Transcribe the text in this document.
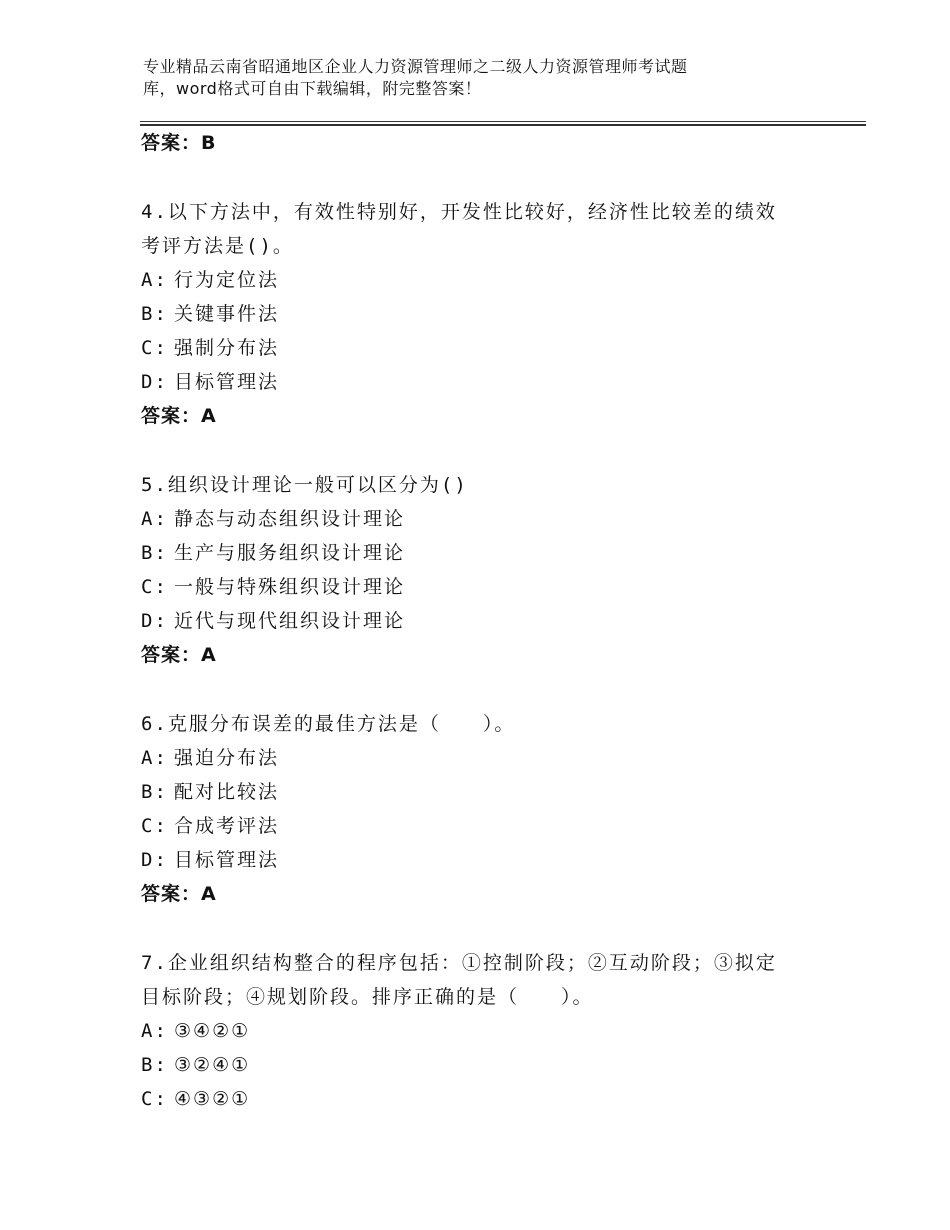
专业精品云南省昭通地区企业人力资源管理师之二级人力资源管理师考试题
库，word格式可自由下载编辑，附完整答案！
答案：B
4.以下方法中，有效性特别好，开发性比较好，经济性比较差的绩效
考评方法是()。
A: 行为定位法
B: 关键事件法
C: 强制分布法
D: 目标管理法
答案：A
5.组织设计理论一般可以区分为()
A: 静态与动态组织设计理论
B: 生产与服务组织设计理论
C: 一般与特殊组织设计理论
D: 近代与现代组织设计理论
答案：A
6.克服分布误差的最佳方法是（　　）。
A: 强迫分布法
B: 配对比较法
C: 合成考评法
D: 目标管理法
答案：A
7.企业组织结构整合的程序包括：①控制阶段；②互动阶段；③拟定
目标阶段；④规划阶段。排序正确的是（　　）。
A: ③④②①
B: ③②④①
C: ④③②①
